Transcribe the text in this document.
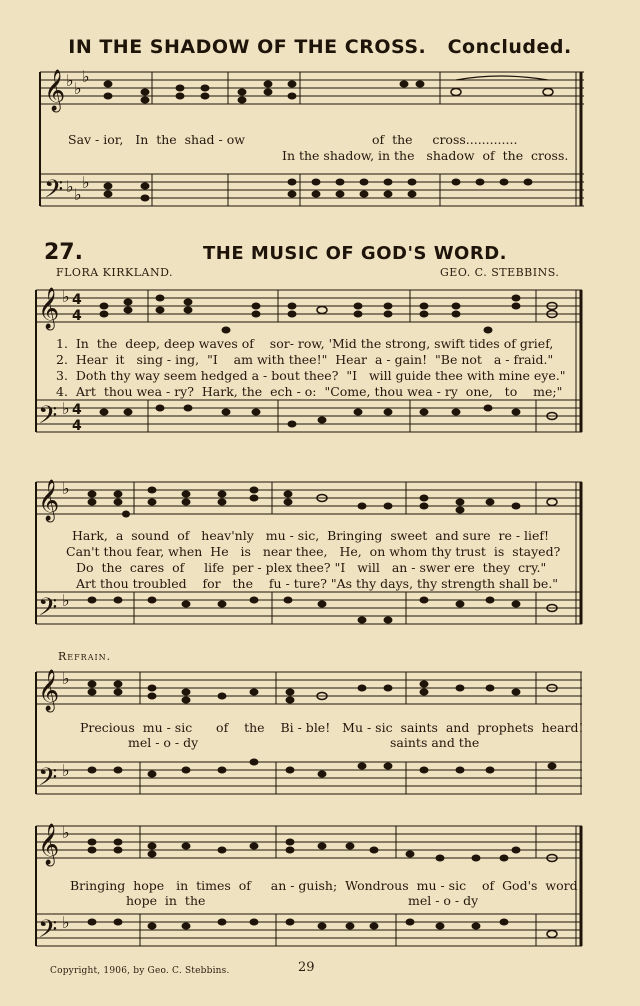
IN THE SHADOW OF THE CROSS. Concluded.
𝄞
𝄢
♭ ♭
♭
♭ ♭
♭
Sav - ior,   In  the  shad - ow	of  the     cross.............
In the shadow, in the   shadow  of  the  cross.
27.	THE MUSIC OF GOD'S WORD.
FLORA KIRKLAND.	GEO. C. STEBBINS.
𝄞
𝄢
♭
♭
4
4
4
4
1.  In  the  deep, deep waves of    sor- row, 'Mid the strong, swift tides of grief,
2.  Hear  it   sing - ing,  "I    am with thee!"  Hear  a - gain!  "Be not   a - fraid."
3.  Doth thy way seem hedged a - bout thee?  "I   will guide thee with mine eye."
4.  Art  thou wea - ry?  Hark, the  ech - o:  "Come, thou wea - ry  one,   to    me;"
𝄞
𝄢
♭
♭
Hark,  a  sound  of   heav'nly   mu - sic,  Bringing  sweet  and sure  re - lief!
Can't thou fear, when  He   is   near thee,   He,  on whom thy trust  is  stayed?
Do  the  cares  of     life  per - plex thee? "I   will   an - swer ere  they  cry."
Art thou troubled    for   the    fu - ture? "As thy days, thy strength shall be."
Refrain.
𝄞
𝄢
♭
♭
Precious  mu - sic      of    the    Bi - ble!   Mu - sic  saints  and  prophets  heard!
mel - o - dy	saints and the
𝄞
𝄢
♭
♭
Bringing  hope   in  times  of     an - guish;  Wondrous  mu - sic    of  God's  word!
hope  in  the	mel - o - dy
Copyright, 1906, by Geo. C. Stebbins.	29
